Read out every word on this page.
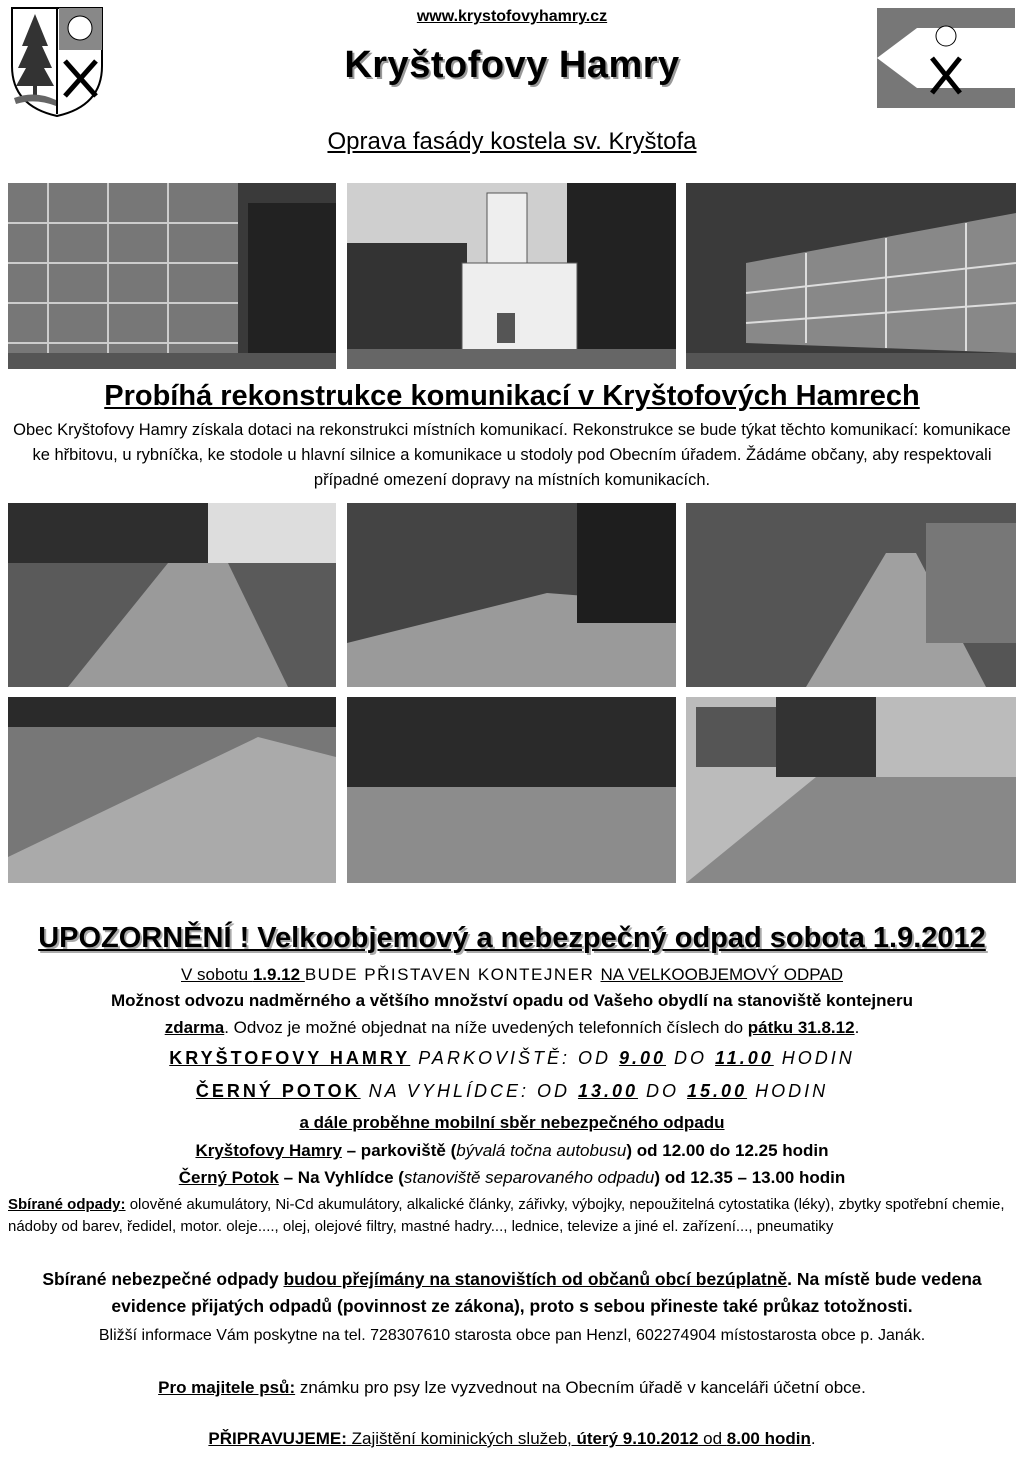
www.krystofovyhamry.cz
Kryštofovy Hamry
Oprava fasády kostela sv. Kryštofa
Probíhá rekonstrukce komunikací v Kryštofových Hamrech
Obec Kryštofovy Hamry získala dotaci na rekonstrukci místních komunikací. Rekonstrukce se bude týkat těchto komunikací: komunikace ke hřbitovu, u rybníčka, ke stodole u hlavní silnice a komunikace u stodoly pod Obecním úřadem. Žádáme občany, aby respektovali případné omezení dopravy na místních komunikacích.
UPOZORNĚNÍ ! Velkoobjemový a nebezpečný odpad sobota 1.9.2012
V sobotu 1.9.12 BUDE PŘISTAVEN KONTEJNER NA VELKOOBJEMOVÝ ODPAD
Možnost odvozu nadměrného a většího množství opadu od Vašeho obydlí na stanoviště kontejneru
zdarma. Odvoz je možné objednat na níže uvedených telefonních číslech do pátku 31.8.12.
KRYŠTOFOVY HAMRY PARKOVIŠTĚ: OD 9.00 DO 11.00 HODIN
ČERNÝ POTOK NA VYHLÍDCE: OD 13.00 DO 15.00 HODIN
a dále proběhne mobilní sběr nebezpečného odpadu
Kryštofovy Hamry – parkoviště (bývalá točna autobusu) od 12.00 do 12.25 hodin
Černý Potok – Na Vyhlídce (stanoviště separovaného odpadu) od 12.35 – 13.00 hodin
Sbírané odpady: olověné akumulátory, Ni-Cd akumulátory, alkalické články, zářivky, výbojky, nepoužitelná cytostatika (léky), zbytky spotřební chemie, nádoby od barev, ředidel, motor. oleje...., olej, olejové filtry, mastné hadry..., lednice, televize a jiné el. zařízení..., pneumatiky
Sbírané nebezpečné odpady budou přejímány na stanovištích od občanů obcí bezúplatně. Na místě bude vedena evidence přijatých odpadů (povinnost ze zákona), proto s sebou přineste také průkaz totožnosti.
Bližší informace Vám poskytne na tel. 728307610 starosta obce pan Henzl, 602274904 místostarosta obce p. Janák.
Pro majitele psů: známku pro psy lze vyzvednout na Obecním úřadě v kanceláři účetní obce.
PŘIPRAVUJEME: Zajištění kominických služeb, úterý 9.10.2012 od 8.00 hodin.
